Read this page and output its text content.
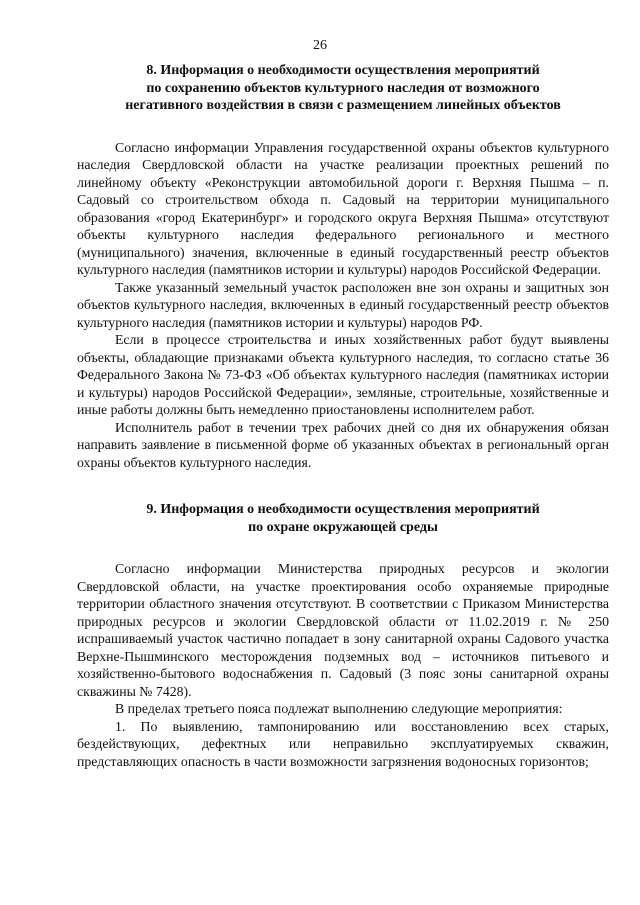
26
8. Информация о необходимости осуществления мероприятий
по сохранению объектов культурного наследия от возможного
негативного воздействия в связи с размещением линейных объектов

Согласно информации Управления государственной охраны объектов культурного наследия Свердловской области на участке реализации проектных решений по линейному объекту «Реконструкции автомобильной дороги г. Верхняя Пышма – п. Садовый со строительством обхода п. Садовый на территории муниципального образования «город Екатеринбург» и городского округа Верхняя Пышма» отсутствуют объекты культурного наследия федерального регионального и местного (муниципального) значения, включенные в единый государственный реестр объектов культурного наследия (памятников истории и культуры) народов Российской Федерации.

Также указанный земельный участок расположен вне зон охраны и защитных зон объектов культурного наследия, включенных в единый государственный реестр объектов культурного наследия (памятников истории и культуры) народов РФ.

Если в процессе строительства и иных хозяйственных работ будут выявлены объекты, обладающие признаками объекта культурного наследия, то согласно статье 36 Федерального Закона № 73-ФЗ «Об объектах культурного наследия (памятниках истории и культуры) народов Российской Федерации», земляные, строительные, хозяйственные и иные работы должны быть немедленно приостановлены исполнителем работ.

Исполнитель работ в течении трех рабочих дней со дня их обнаружения обязан направить заявление в письменной форме об указанных объектах в региональный орган охраны объектов культурного наследия.

9. Информация о необходимости осуществления мероприятий
по охране окружающей среды

Согласно информации Министерства природных ресурсов и экологии Свердловской области, на участке проектирования особо охраняемые природные территории областного значения отсутствуют. В соответствии с Приказом Министерства природных ресурсов и экологии Свердловской области от 11.02.2019 г. № 250 испрашиваемый участок частично попадает в зону санитарной охраны Садового участка Верхне-Пышминского месторождения подземных вод – источников питьевого и хозяйственно-бытового водоснабжения п. Садовый (3 пояс зоны санитарной охраны скважины № 7428).

В пределах третьего пояса подлежат выполнению следующие мероприятия:

1. По выявлению, тампонированию или восстановлению всех старых, бездействующих, дефектных или неправильно эксплуатируемых скважин, представляющих опасность в части возможности загрязнения водоносных горизонтов;
